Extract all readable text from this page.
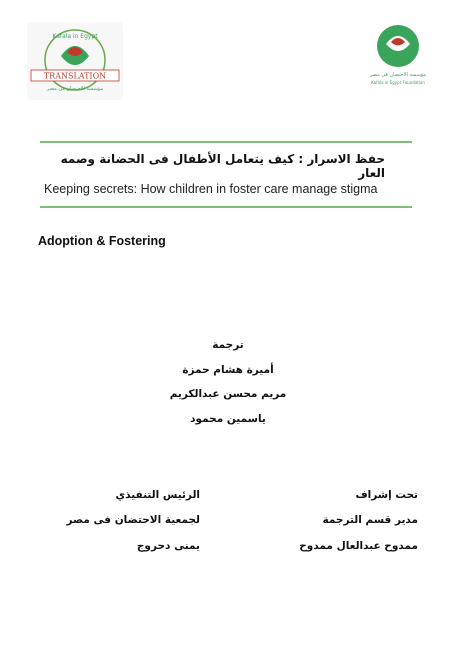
Kafala in Egypt
TRANSLATION
مؤسسة الاحتضان فى مصر
مؤسسة الاحتضان فى مصر
Kafala in Egypt Foundation
حفظ الاسرار : كيف يتعامل الأطفال فى الحضانة وصمه العار
Keeping secrets: How children in foster care manage stigma
Adoption & Fostering
ترجمة
أميرة هشام حمزة
مريم محسن عبدالكريم
ياسمين محمود
تحت إشراف
مدير قسم الترجمة
ممدوح عبدالعال ممدوح
الرئيس التنفيذي
لجمعية الاحتضان فى مصر
يمنى دحروج
